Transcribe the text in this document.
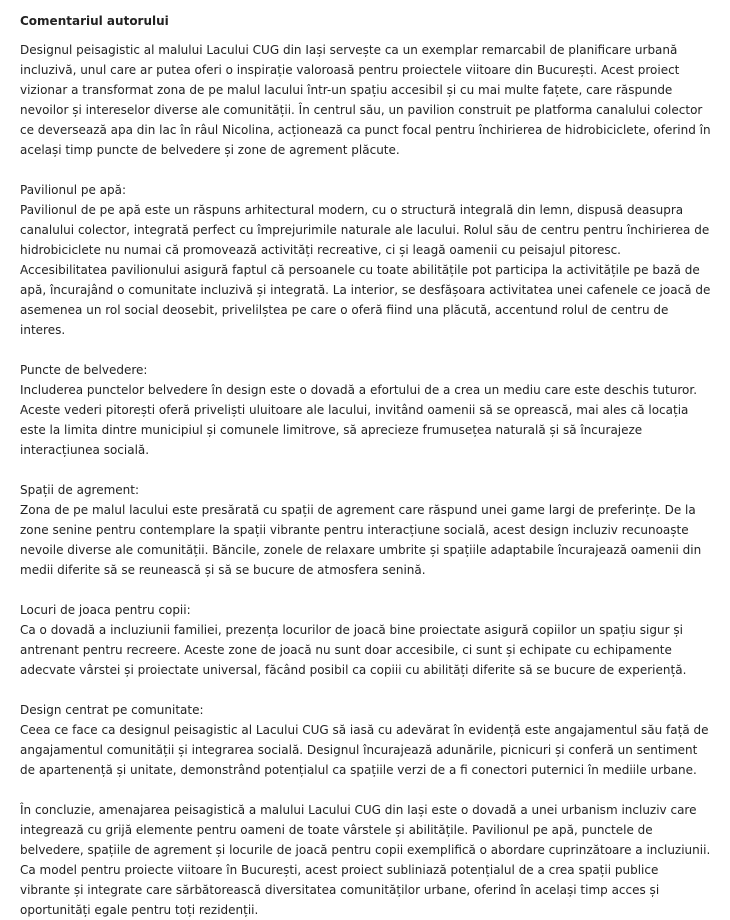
Comentariul autorului

Designul peisagistic al malului Lacului CUG din Iași servește ca un exemplar remarcabil de planificare urbană incluzivă, unul care ar putea oferi o inspirație valoroasă pentru proiectele viitoare din București. Acest proiect vizionar a transformat zona de pe malul lacului într-un spațiu accesibil și cu mai multe fațete, care răspunde nevoilor și intereselor diverse ale comunității. În centrul său, un pavilion construit pe platforma canalului colector ce deversează apa din lac în râul Nicolina, acționează ca punct focal pentru închirierea de hidrobiciclete, oferind în același timp puncte de belvedere și zone de agrement plăcute.

Pavilionul pe apă:

Pavilionul de pe apă este un răspuns arhitectural modern, cu o structură integrală din lemn, dispusă deasupra canalului colector, integrată perfect cu împrejurimile naturale ale lacului. Rolul său de centru pentru închirierea de hidrobiciclete nu numai că promovează activități recreative, ci și leagă oamenii cu peisajul pitoresc. Accesibilitatea pavilionului asigură faptul că persoanele cu toate abilitățile pot participa la activitățile pe bază de apă, încurajând o comunitate incluzivă și integrată. La interior, se desfășoara activitatea unei cafenele ce joacă de asemenea un rol social deosebit, privelilștea pe care o oferă fiind una plăcută, accentund rolul de centru de interes.

Puncte de belvedere:

Includerea punctelor belvedere în design este o dovadă a efortului de a crea un mediu care este deschis tuturor. Aceste vederi pitorești oferă priveliști uluitoare ale lacului, invitând oamenii să se oprească, mai ales că locația este la limita dintre municipiul și comunele limitrove, să aprecieze frumusețea naturală și să încurajeze interacțiunea socială.

Spații de agrement:

Zona de pe malul lacului este presărată cu spații de agrement care răspund unei game largi de preferințe. De la zone senine pentru contemplare la spații vibrante pentru interacțiune socială, acest design incluziv recunoaște nevoile diverse ale comunității. Băncile, zonele de relaxare umbrite și spațiile adaptabile încurajează oamenii din medii diferite să se reunească și să se bucure de atmosfera senină.

Locuri de joaca pentru copii:

Ca o dovadă a incluziunii familiei, prezența locurilor de joacă bine proiectate asigură copiilor un spațiu sigur și antrenant pentru recreere. Aceste zone de joacă nu sunt doar accesibile, ci sunt și echipate cu echipamente adecvate vârstei și proiectate universal, făcând posibil ca copiii cu abilități diferite să se bucure de experiență.

Design centrat pe comunitate:

Ceea ce face ca designul peisagistic al Lacului CUG să iasă cu adevărat în evidență este angajamentul său față de angajamentul comunității și integrarea socială. Designul încurajează adunările, picnicuri și conferă un sentiment de apartenență și unitate, demonstrând potențialul ca spațiile verzi de a fi conectori puternici în mediile urbane.

În concluzie, amenajarea peisagistică a malului Lacului CUG din Iași este o dovadă a unei urbanism incluziv care integrează cu grijă elemente pentru oameni de toate vârstele și abilitățile. Pavilionul pe apă, punctele de belvedere, spațiile de agrement și locurile de joacă pentru copii exemplifică o abordare cuprinzătoare a incluziunii. Ca model pentru proiecte viitoare în București, acest proiect subliniază potențialul de a crea spații publice vibrante și integrate care sărbătorească diversitatea comunităților urbane, oferind în același timp acces și oportunități egale pentru toți rezidenții.
